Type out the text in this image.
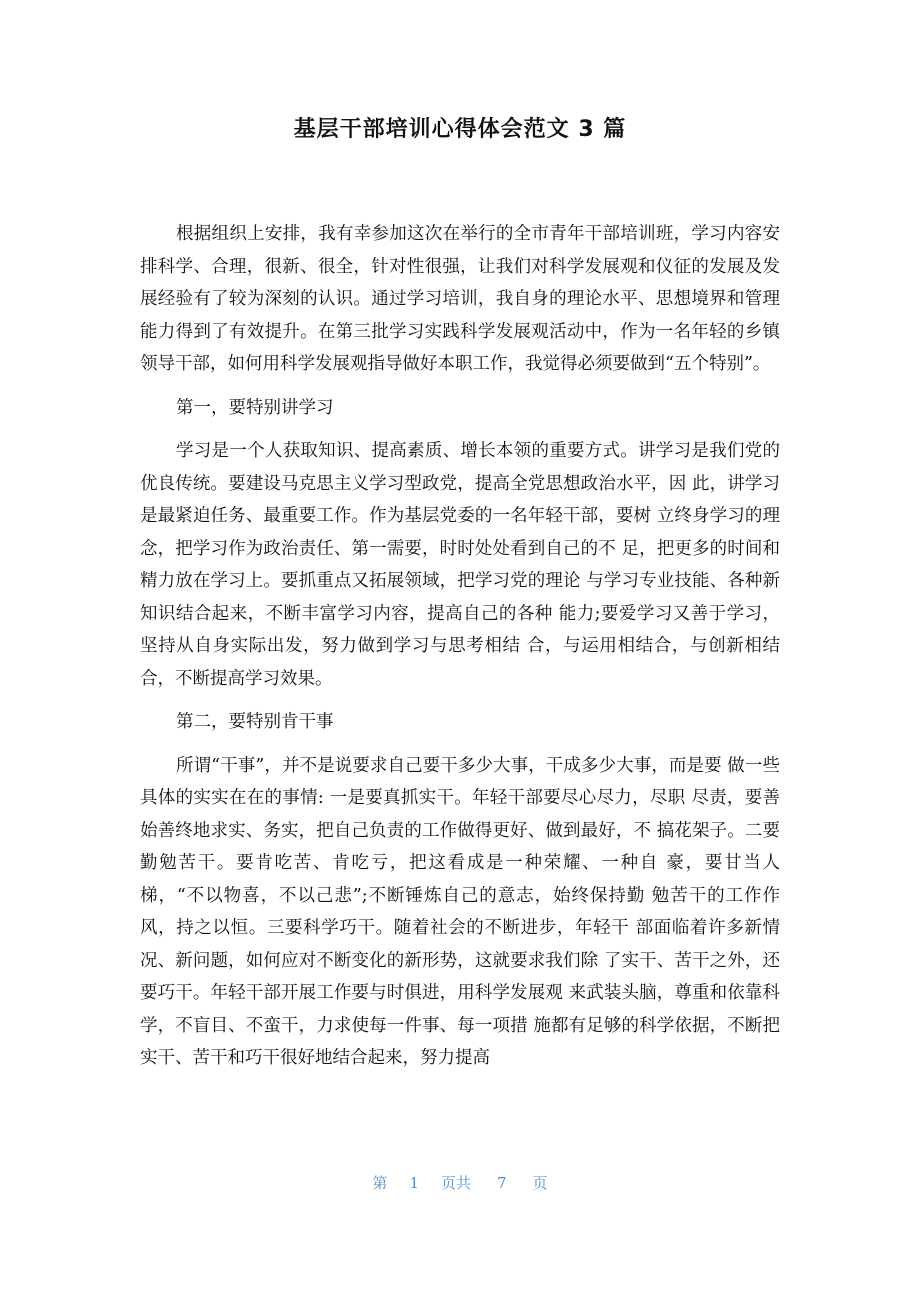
基层干部培训心得体会范文 3 篇

根据组织上安排，我有幸参加这次在举行的全市青年干部培训班，学习内容安排科学、合理，很新、很全，针对性很强，让我们对科学发展观和仪征的发展及发展经验有了较为深刻的认识。通过学习培训，我自身的理论水平、思想境界和管理能力得到了有效提升。在第三批学习实践科学发展观活动中，作为一名年轻的乡镇领导干部，如何用科学发展观指导做好本职工作，我觉得必须要做到“五个特别”。

第一，要特别讲学习

学习是一个人获取知识、提高素质、增长本领的重要方式。讲学习是我们党的优良传统。要建设马克思主义学习型政党，提高全党思想政治水平，因 此，讲学习是最紧迫任务、最重要工作。作为基层党委的一名年轻干部，要树 立终身学习的理念，把学习作为政治责任、第一需要，时时处处看到自己的不 足，把更多的时间和精力放在学习上。要抓重点又拓展领域，把学习党的理论 与学习专业技能、各种新知识结合起来，不断丰富学习内容，提高自己的各种 能力;要爱学习又善于学习，坚持从自身实际出发，努力做到学习与思考相结 合，与运用相结合，与创新相结合，不断提高学习效果。

第二，要特别肯干事

所谓“干事”，并不是说要求自己要干多少大事，干成多少大事，而是要 做一些具体的实实在在的事情: 一是要真抓实干。年轻干部要尽心尽力，尽职 尽责，要善始善终地求实、务实，把自己负责的工作做得更好、做到最好，不 搞花架子。二要勤勉苦干。要肯吃苦、肯吃亏，把这看成是一种荣耀、一种自 豪，要甘当人梯，“不以物喜，不以己悲”;不断锤炼自己的意志，始终保持勤 勉苦干的工作作风，持之以恒。三要科学巧干。随着社会的不断进步，年轻干 部面临着许多新情况、新问题，如何应对不断变化的新形势，这就要求我们除 了实干、苦干之外，还要巧干。年轻干部开展工作要与时俱进，用科学发展观 来武装头脑，尊重和依靠科学，不盲目、不蛮干，力求使每一件事、每一项措 施都有足够的科学依据，不断把实干、苦干和巧干很好地结合起来，努力提高

第 1 页共 7 页
